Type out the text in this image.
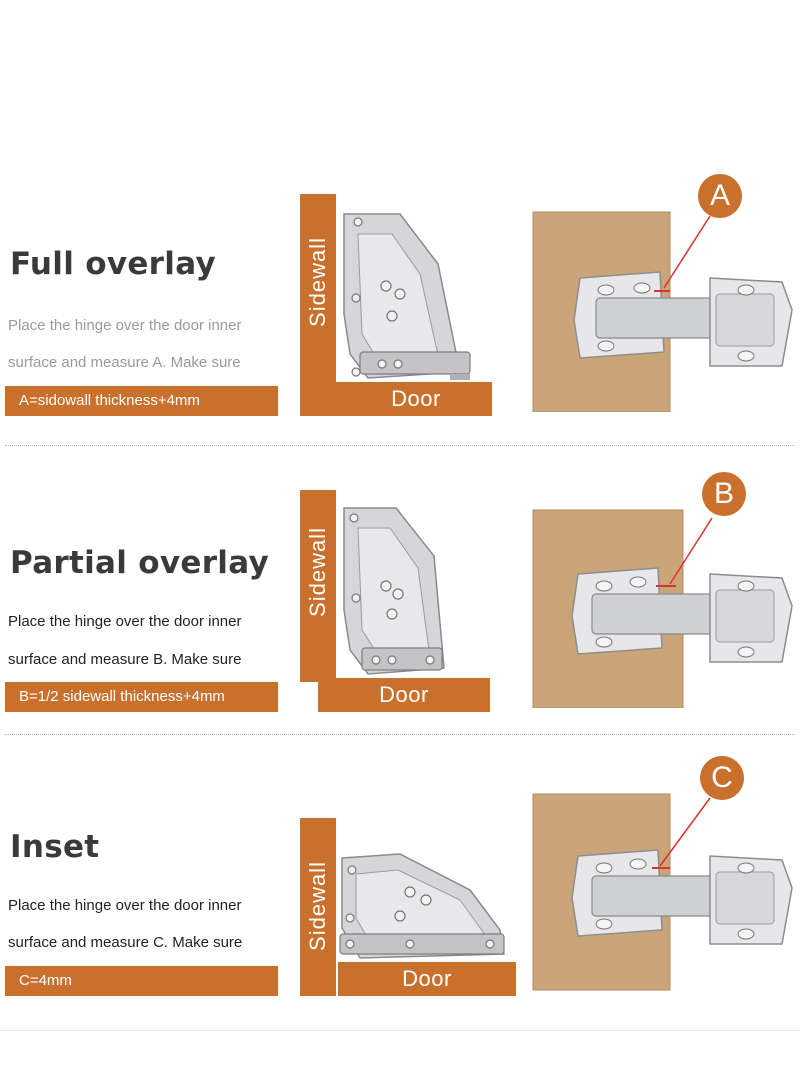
Full overlay
Place the hinge over the door inner
surface and measure A. Make sure
A=sidowall thickness+4mm
Sidewall
Door
A
Partial overlay
Place the hinge over the door inner
surface and measure B. Make sure
B=1/2 sidewall thickness+4mm
Sidewall
Door
B
Inset
Place the hinge over the door inner
surface and measure C. Make sure
C=4mm
Sidewall
Door
C
